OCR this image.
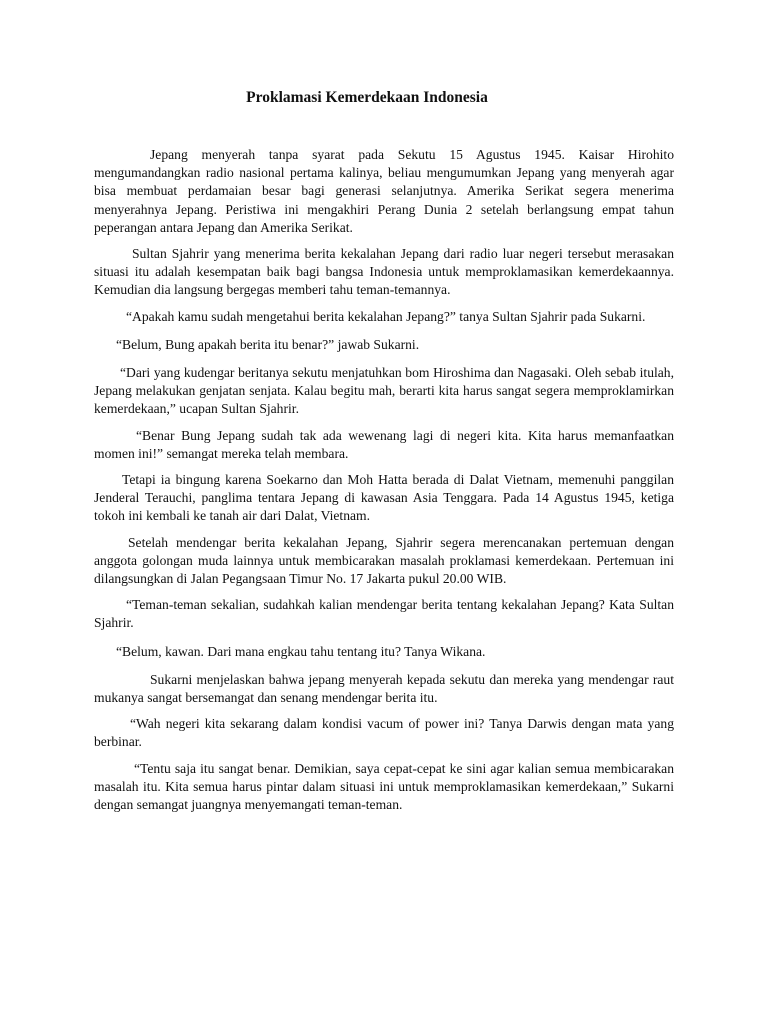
Proklamasi Kemerdekaan Indonesia

Jepang menyerah tanpa syarat pada Sekutu 15 Agustus 1945. Kaisar Hirohito mengumandangkan radio nasional pertama kalinya, beliau mengumumkan Jepang yang menyerah agar bisa membuat perdamaian besar bagi generasi selanjutnya. Amerika Serikat segera menerima menyerahnya Jepang. Peristiwa ini mengakhiri Perang Dunia 2 setelah berlangsung empat tahun peperangan antara Jepang dan Amerika Serikat.

Sultan Sjahrir yang menerima berita kekalahan Jepang dari radio luar negeri tersebut merasakan situasi itu adalah kesempatan baik bagi bangsa Indonesia untuk memproklamasikan kemerdekaannya. Kemudian dia langsung bergegas memberi tahu teman-temannya.

“Apakah kamu sudah mengetahui berita kekalahan Jepang?” tanya Sultan Sjahrir pada Sukarni.

“Belum, Bung apakah berita itu benar?” jawab Sukarni.

“Dari yang kudengar beritanya sekutu menjatuhkan bom Hiroshima dan Nagasaki. Oleh sebab itulah, Jepang melakukan genjatan senjata. Kalau begitu mah, berarti kita harus sangat segera memproklamirkan kemerdekaan,” ucapan Sultan Sjahrir.

“Benar Bung Jepang sudah tak ada wewenang lagi di negeri kita. Kita harus memanfaatkan momen ini!” semangat mereka telah membara.

Tetapi ia bingung karena Soekarno dan Moh Hatta berada di Dalat Vietnam, memenuhi panggilan Jenderal Terauchi, panglima tentara Jepang di kawasan Asia Tenggara. Pada 14 Agustus 1945, ketiga tokoh ini kembali ke tanah air dari Dalat, Vietnam.

Setelah mendengar berita kekalahan Jepang, Sjahrir segera merencanakan pertemuan dengan anggota golongan muda lainnya untuk membicarakan masalah proklamasi kemerdekaan. Pertemuan ini dilangsungkan di Jalan Pegangsaan Timur No. 17 Jakarta pukul 20.00 WIB.

“Teman-teman sekalian, sudahkah kalian mendengar berita tentang kekalahan Jepang? Kata Sultan Sjahrir.

“Belum, kawan. Dari mana engkau tahu tentang itu? Tanya Wikana.

Sukarni menjelaskan bahwa jepang menyerah kepada sekutu dan mereka yang mendengar raut mukanya sangat bersemangat dan senang mendengar berita itu.

“Wah negeri kita sekarang dalam kondisi vacum of power ini? Tanya Darwis dengan mata yang berbinar.

“Tentu saja itu sangat benar. Demikian, saya cepat-cepat ke sini agar kalian semua membicarakan masalah itu. Kita semua harus pintar dalam situasi ini untuk memproklamasikan kemerdekaan,” Sukarni dengan semangat juangnya menyemangati teman-teman.
